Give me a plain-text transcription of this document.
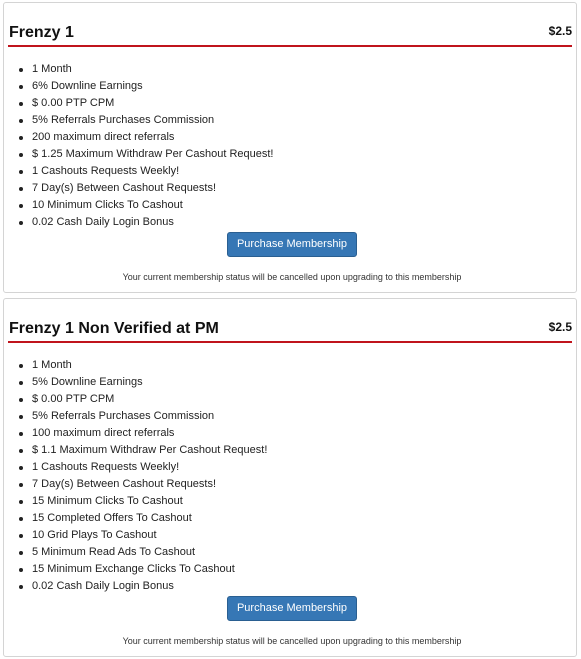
Frenzy 1	$2.5
1 Month
6% Downline Earnings
$ 0.00 PTP CPM
5% Referrals Purchases Commission
200 maximum direct referrals
$ 1.25 Maximum Withdraw Per Cashout Request!
1 Cashouts Requests Weekly!
7 Day(s) Between Cashout Requests!
10 Minimum Clicks To Cashout
0.02 Cash Daily Login Bonus
Purchase Membership
Your current membership status will be cancelled upon upgrading to this membership
Frenzy 1 Non Verified at PM	$2.5
1 Month
5% Downline Earnings
$ 0.00 PTP CPM
5% Referrals Purchases Commission
100 maximum direct referrals
$ 1.1 Maximum Withdraw Per Cashout Request!
1 Cashouts Requests Weekly!
7 Day(s) Between Cashout Requests!
15 Minimum Clicks To Cashout
15 Completed Offers To Cashout
10 Grid Plays To Cashout
5 Minimum Read Ads To Cashout
15 Minimum Exchange Clicks To Cashout
0.02 Cash Daily Login Bonus
Purchase Membership
Your current membership status will be cancelled upon upgrading to this membership
